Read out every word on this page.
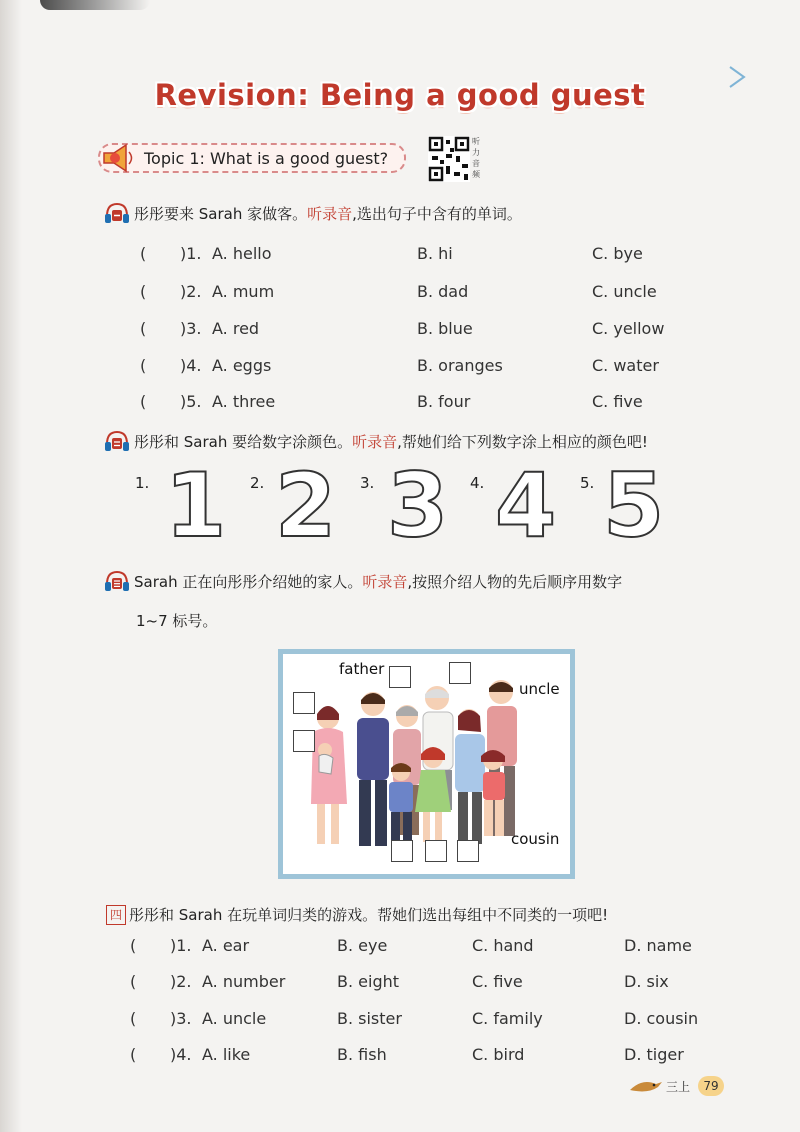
Revision: Being a good guest
Topic 1: What is a good guest?
听力音频
彤彤要来 Sarah 家做客。 听录音 ,选出句子中含有的单词。
( )1. A. hello	B. hi	C. bye
( )2. A. mum	B. dad	C. uncle
( )3. A. red	B. blue	C. yellow
( )4. A. eggs	B. oranges	C. water
( )5. A. three	B. four	C. five
彤彤和 Sarah 要给数字涂颜色。 听录音 ,帮她们给下列数字涂上相应的颜色吧!
1. 1 2. 2 3. 3 4. 4 5. 5
Sarah 正在向彤彤介绍她的家人。 听录音 ,按照介绍人物的先后顺序用数字
1~7 标号。
father
uncle
cousin
四 彤彤和 Sarah 在玩单词归类的游戏。帮她们选出每组中不同类的一项吧!
( )1. A. ear	B. eye	C. hand	D. name
( )2. A. number	B. eight	C. five	D. six
( )3. A. uncle	B. sister	C. family	D. cousin
( )4. A. like	B. fish	C. bird	D. tiger
三上	79
